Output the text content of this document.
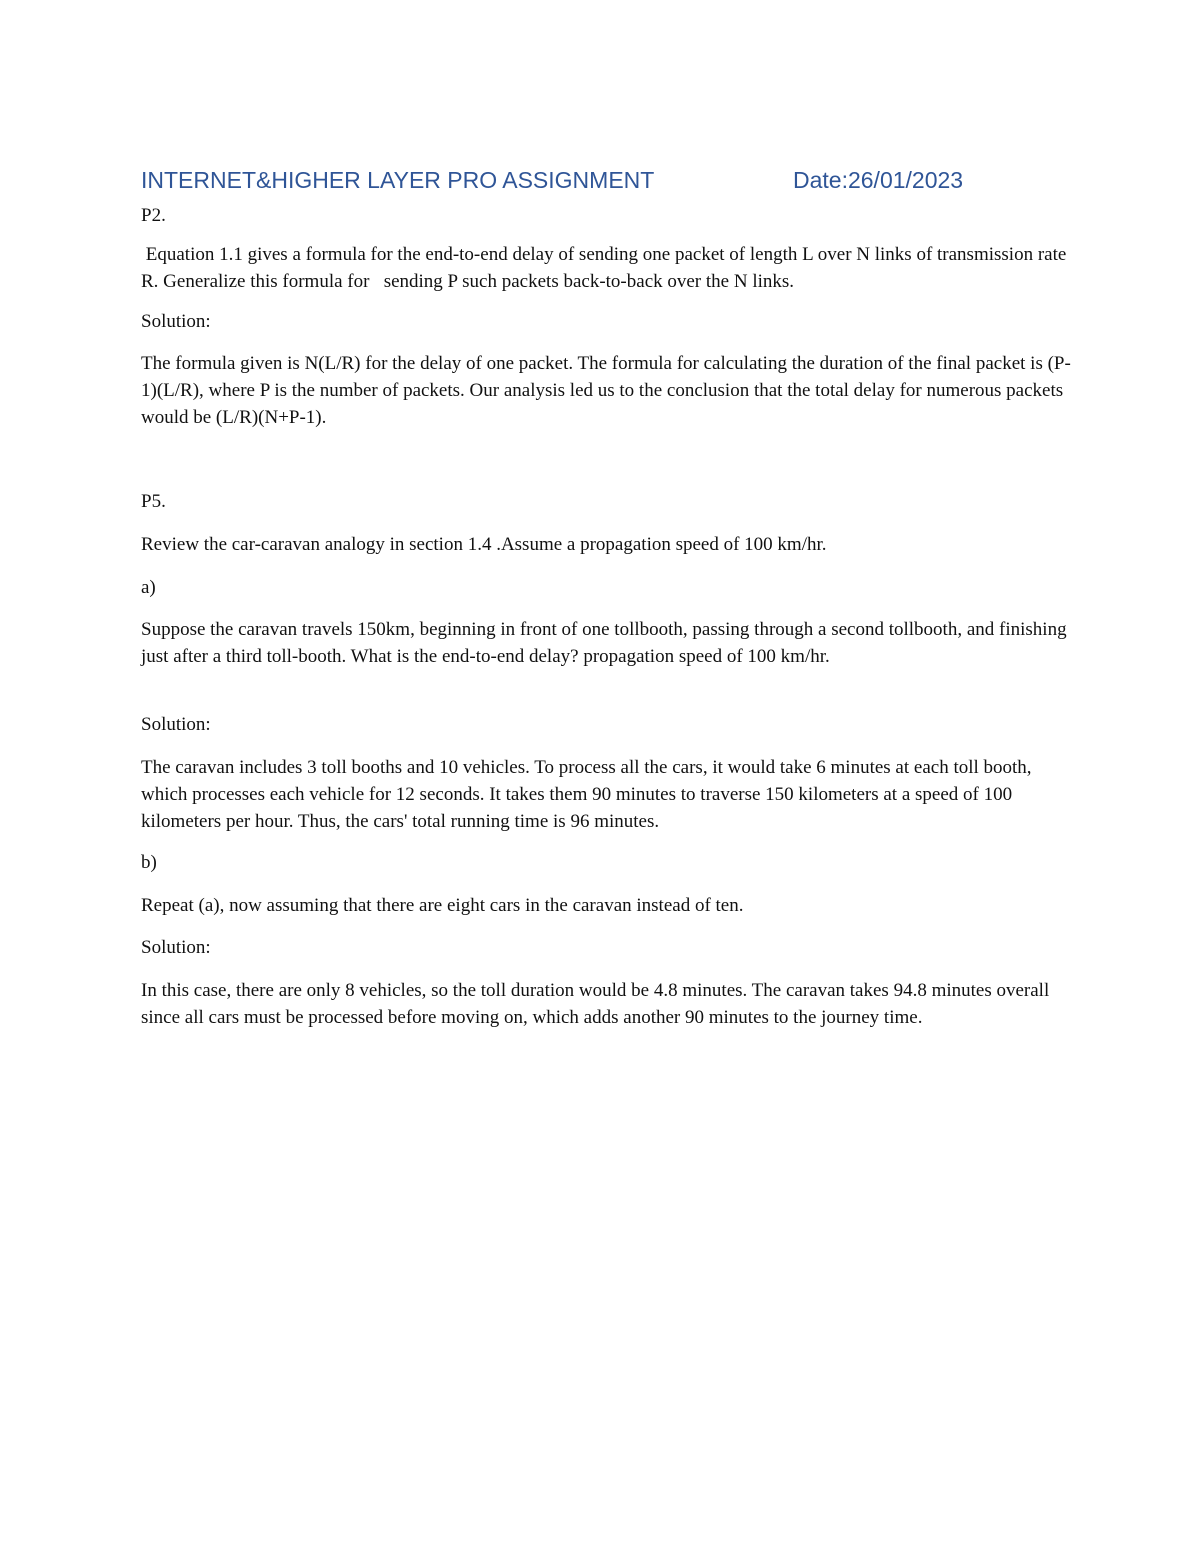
INTERNET&HIGHER LAYER PRO ASSIGNMENT	Date:26/01/2023

P2.

Equation 1.1 gives a formula for the end-to-end delay of sending one packet of length L over N links of transmission rate R. Generalize this formula for   sending P such packets back-to-back over the N links.

Solution:

The formula given is N(L/R) for the delay of one packet. The formula for calculating the duration of the final packet is (P-1)(L/R), where P is the number of packets. Our analysis led us to the conclusion that the total delay for numerous packets would be (L/R)(N+P-1).

P5.

Review the car-caravan analogy in section 1.4 .Assume a propagation speed of 100 km/hr.

a)

Suppose the caravan travels 150km, beginning in front of one tollbooth, passing through a second tollbooth, and finishing just after a third toll-booth. What is the end-to-end delay? propagation speed of 100 km/hr.

Solution:

The caravan includes 3 toll booths and 10 vehicles. To process all the cars, it would take 6 minutes at each toll booth, which processes each vehicle for 12 seconds. It takes them 90 minutes to traverse 150 kilometers at a speed of 100 kilometers per hour. Thus, the cars' total running time is 96 minutes.

b)

Repeat (a), now assuming that there are eight cars in the caravan instead of ten.

Solution:

In this case, there are only 8 vehicles, so the toll duration would be 4.8 minutes. The caravan takes 94.8 minutes overall since all cars must be processed before moving on, which adds another 90 minutes to the journey time.
